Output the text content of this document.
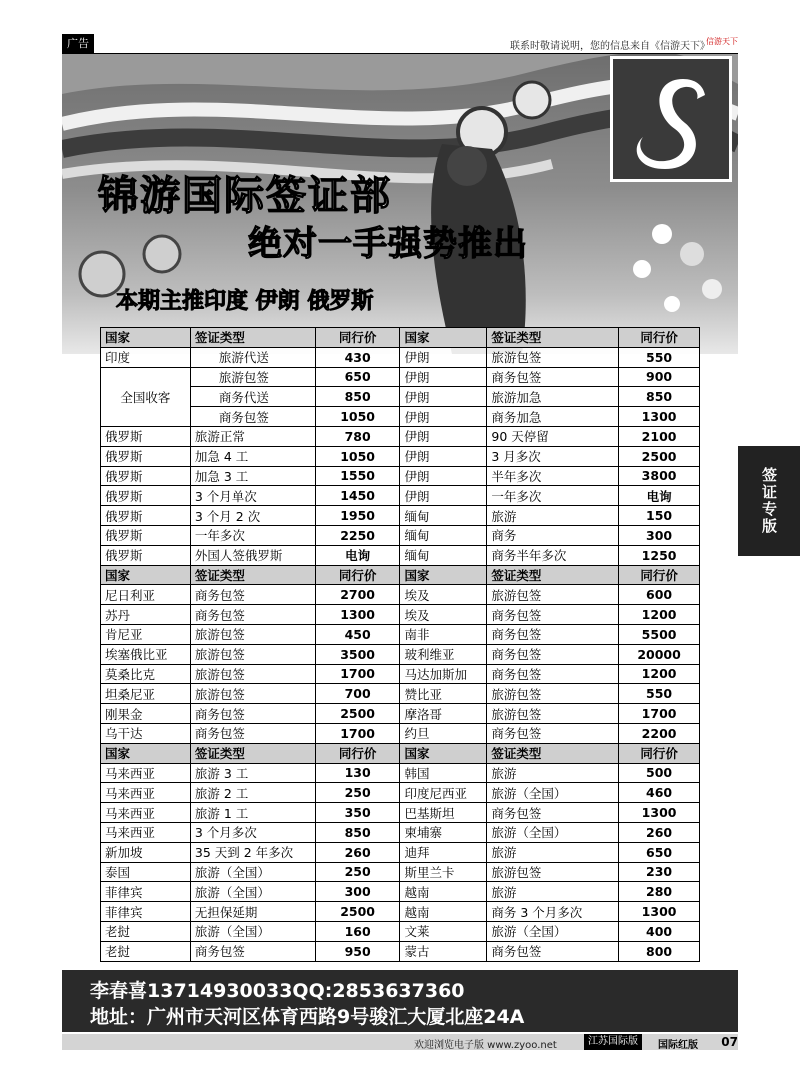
广告	联系时敬请说明，您的信息来自《信游天下》
信游天下
锦游国际签证部
绝对一手强势推出
本期主推印度 伊朗 俄罗斯
国家	签证类型	同行价	国家	签证类型	同行价
印度	旅游代送	430	伊朗	旅游包签	550
全国收客	旅游包签	650	伊朗	商务包签	900
	商务代送	850	伊朗	旅游加急	850
	商务包签	1050	伊朗	商务加急	1300
俄罗斯	旅游正常	780	伊朗	90 天停留	2100
俄罗斯	加急 4 工	1050	伊朗	3 月多次	2500
俄罗斯	加急 3 工	1550	伊朗	半年多次	3800
俄罗斯	3 个月单次	1450	伊朗	一年多次	电询
俄罗斯	3 个月 2 次	1950	缅甸	旅游	150
俄罗斯	一年多次	2250	缅甸	商务	300
俄罗斯	外国人签俄罗斯	电询	缅甸	商务半年多次	1250
国家	签证类型	同行价	国家	签证类型	同行价
尼日利亚	商务包签	2700	埃及	旅游包签	600
苏丹	商务包签	1300	埃及	商务包签	1200
肯尼亚	旅游包签	450	南非	商务包签	5500
埃塞俄比亚	旅游包签	3500	玻利维亚	商务包签	20000
莫桑比克	旅游包签	1700	马达加斯加	商务包签	1200
坦桑尼亚	旅游包签	700	赞比亚	旅游包签	550
刚果金	商务包签	2500	摩洛哥	旅游包签	1700
乌干达	商务包签	1700	约旦	商务包签	2200
国家	签证类型	同行价	国家	签证类型	同行价
马来西亚	旅游 3 工	130	韩国	旅游	500
马来西亚	旅游 2 工	250	印度尼西亚	旅游（全国）	460
马来西亚	旅游 1 工	350	巴基斯坦	商务包签	1300
马来西亚	3 个月多次	850	柬埔寨	旅游（全国）	260
新加坡	35 天到 2 年多次	260	迪拜	旅游	650
泰国	旅游（全国）	250	斯里兰卡	旅游包签	230
菲律宾	旅游（全国）	300	越南	旅游	280
菲律宾	无担保延期	2500	越南	商务 3 个月多次	1300
老挝	旅游（全国）	160	文莱	旅游（全国）	400
老挝	商务包签	950	蒙古	商务包签	800
签证专版
李春喜13714930033QQ:2853637360
地址：广州市天河区体育西路9号骏汇大厦北座24A
欢迎浏览电子版 www.zyoo.net	江苏国际版	国际红版 07
